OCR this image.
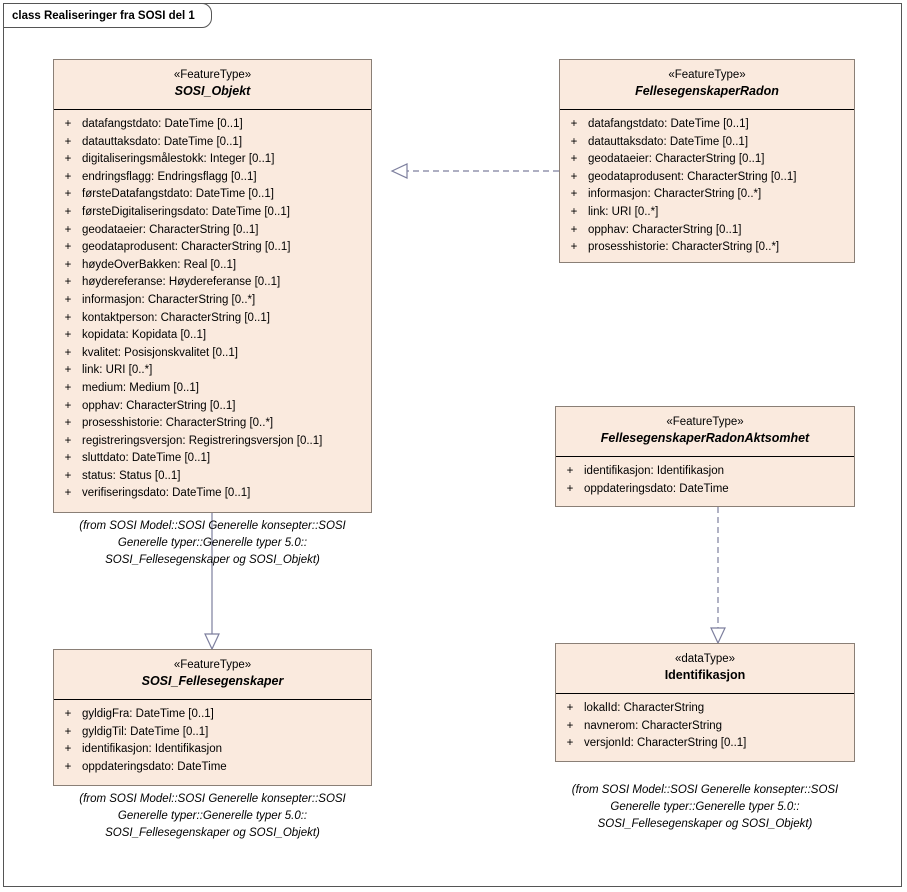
class Realiseringer fra SOSI del 1
«FeatureType»
SOSI_Objekt
+ datafangstdato: DateTime [0..1]
+ datauttaksdato: DateTime [0..1]
+ digitaliseringsmålestokk: Integer [0..1]
+ endringsflagg: Endringsflagg [0..1]
+ førsteDatafangstdato: DateTime [0..1]
+ førsteDigitaliseringsdato: DateTime [0..1]
+ geodataeier: CharacterString [0..1]
+ geodataprodusent: CharacterString [0..1]
+ høydeOverBakken: Real [0..1]
+ høydereferanse: Høydereferanse [0..1]
+ informasjon: CharacterString [0..*]
+ kontaktperson: CharacterString [0..1]
+ kopidata: Kopidata [0..1]
+ kvalitet: Posisjonskvalitet [0..1]
+ link: URI [0..*]
+ medium: Medium [0..1]
+ opphav: CharacterString [0..1]
+ prosesshistorie: CharacterString [0..*]
+ registreringsversjon: Registreringsversjon [0..1]
+ sluttdato: DateTime [0..1]
+ status: Status [0..1]
+ verifiseringsdato: DateTime [0..1]
(from SOSI Model::SOSI Generelle konsepter::SOSI
Generelle typer::Generelle typer 5.0::
SOSI_Fellesegenskaper og SOSI_Objekt)
«FeatureType»
FellesegenskaperRadon
+ datafangstdato: DateTime [0..1]
+ datauttaksdato: DateTime [0..1]
+ geodataeier: CharacterString [0..1]
+ geodataprodusent: CharacterString [0..1]
+ informasjon: CharacterString [0..*]
+ link: URI [0..*]
+ opphav: CharacterString [0..1]
+ prosesshistorie: CharacterString [0..*]
«FeatureType»
FellesegenskaperRadonAktsomhet
+ identifikasjon: Identifikasjon
+ oppdateringsdato: DateTime
«FeatureType»
SOSI_Fellesegenskaper
+ gyldigFra: DateTime [0..1]
+ gyldigTil: DateTime [0..1]
+ identifikasjon: Identifikasjon
+ oppdateringsdato: DateTime
(from SOSI Model::SOSI Generelle konsepter::SOSI
Generelle typer::Generelle typer 5.0::
SOSI_Fellesegenskaper og SOSI_Objekt)
«dataType»
Identifikasjon
+ lokalId: CharacterString
+ navnerom: CharacterString
+ versjonId: CharacterString [0..1]
(from SOSI Model::SOSI Generelle konsepter::SOSI
Generelle typer::Generelle typer 5.0::
SOSI_Fellesegenskaper og SOSI_Objekt)
